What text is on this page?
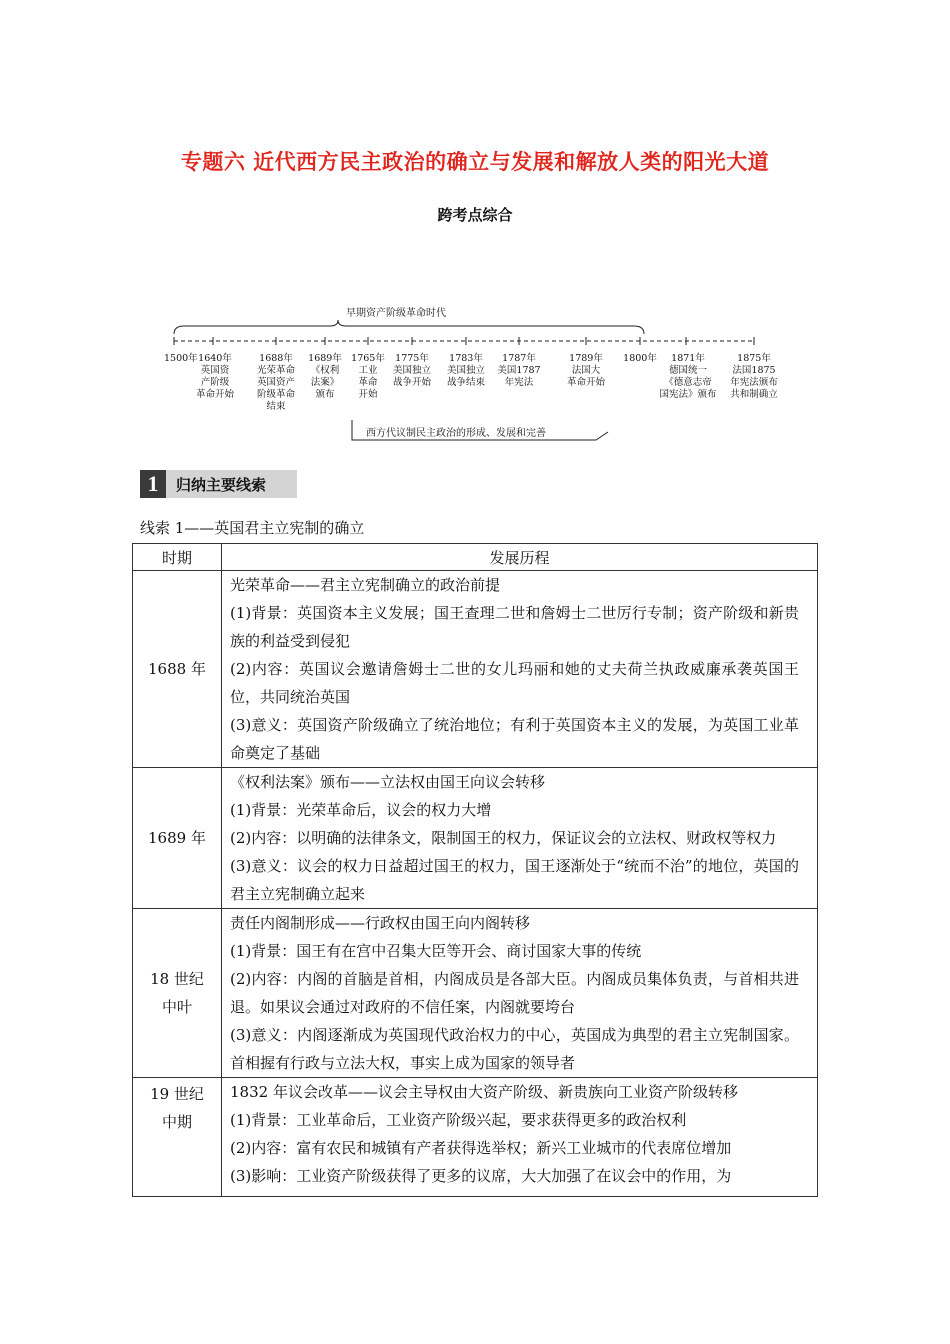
专题六 近代西方民主政治的确立与发展和解放人类的阳光大道
跨考点综合
早期资产阶级革命时代
1500年 1640年
英国资
产阶级
革命开始
1688年
光荣革命
英国资产
阶级革命
结束
1689年
《权利
法案》
颁布
1765年
工业
革命
开始
1775年
美国独立
战争开始
1783年
美国独立
战争结束
1787年
美国1787
年宪法
1789年
法国大
革命开始
1800年	1871年
德国统一
《德意志帝
国宪法》颁布
1875年
法国1875
年宪法颁布
共和制确立
西方代议制民主政治的形成、发展和完善
1	归纳主要线索
线索 1——英国君主立宪制的确立
时期	发展历程
1688 年	光荣革命——君主立宪制确立的政治前提
(1)背景：英国资本主义发展；国王查理二世和詹姆士二世厉行专制；资产阶级和新贵族的利益受到侵犯
(2)内容：英国议会邀请詹姆士二世的女儿玛丽和她的丈夫荷兰执政威廉承袭英国王位，共同统治英国
(3)意义：英国资产阶级确立了统治地位；有利于英国资本主义的发展，为英国工业革命奠定了基础

1689 年	《权利法案》颁布——立法权由国王向议会转移
(1)背景：光荣革命后，议会的权力大增
(2)内容：以明确的法律条文，限制国王的权力，保证议会的立法权、财政权等权力
(3)意义：议会的权力日益超过国王的权力，国王逐渐处于“统而不治”的地位，英国的君主立宪制确立起来

18 世纪中叶	责任内阁制形成——行政权由国王向内阁转移
(1)背景：国王有在宫中召集大臣等开会、商讨国家大事的传统
(2)内容：内阁的首脑是首相，内阁成员是各部大臣。内阁成员集体负责，与首相共进退。如果议会通过对政府的不信任案，内阁就要垮台
(3)意义：内阁逐渐成为英国现代政治权力的中心，英国成为典型的君主立宪制国家。首相握有行政与立法大权，事实上成为国家的领导者

19 世纪中期	1832 年议会改革——议会主导权由大资产阶级、新贵族向工业资产阶级转移
(1)背景：工业革命后，工业资产阶级兴起，要求获得更多的政治权利
(2)内容：富有农民和城镇有产者获得选举权；新兴工业城市的代表席位增加
(3)影响：工业资产阶级获得了更多的议席，大大加强了在议会中的作用，为
